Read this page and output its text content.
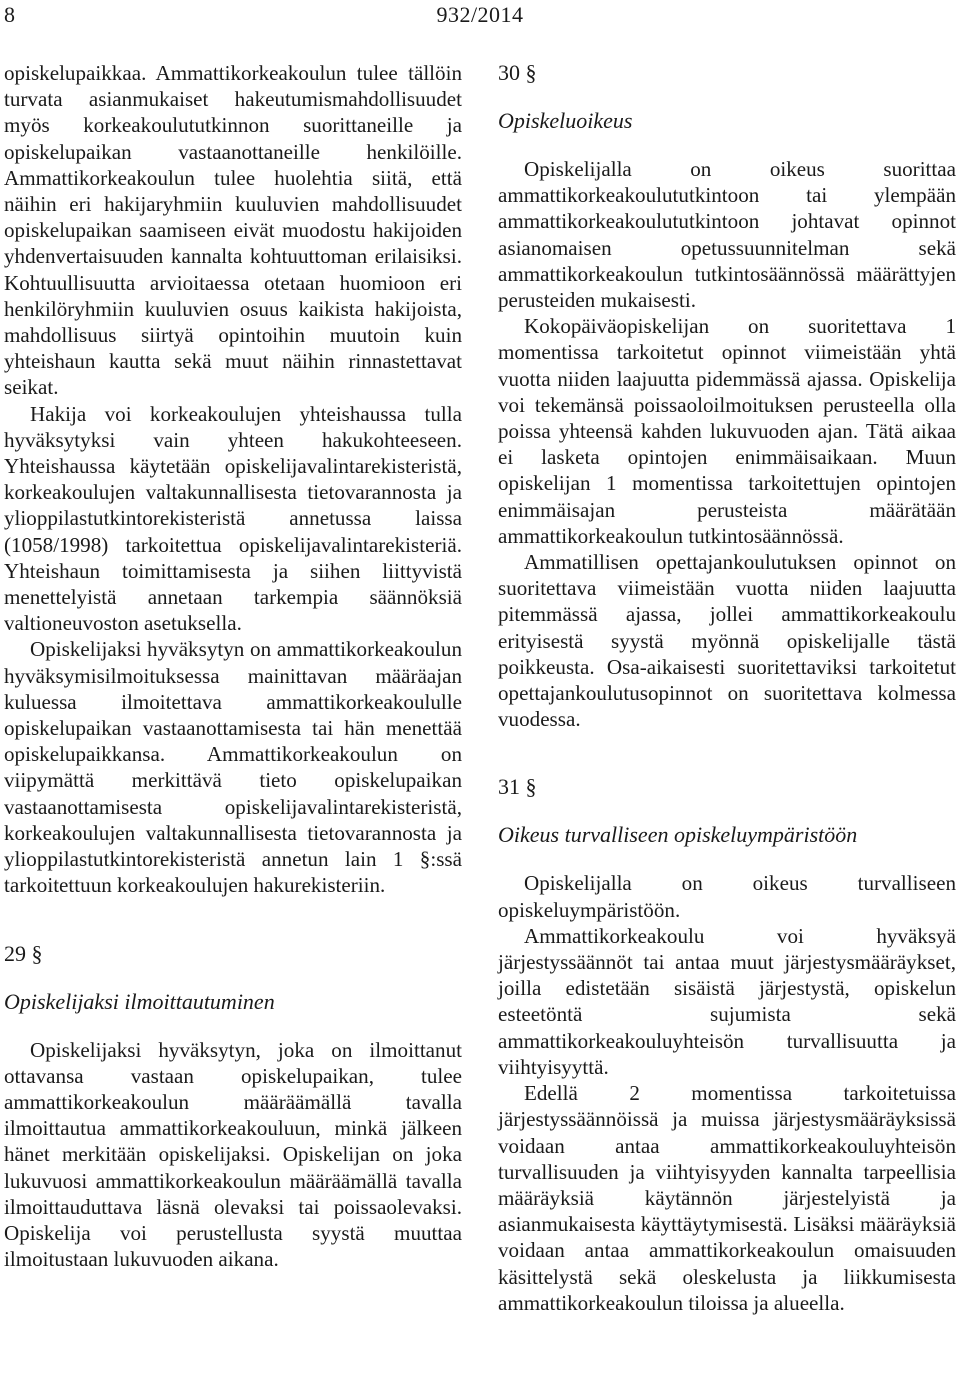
8	932/2014

opiskelupaikkaa. Ammattikorkeakoulun tulee tällöin turvata asianmukaiset hakeutumismahdollisuudet myös korkeakoulututkinnon suorittaneille ja opiskelupaikan vastaanottaneille henkilöille. Ammattikorkeakoulun tulee huolehtia siitä, että näihin eri hakijaryhmiin kuuluvien mahdollisuudet opiskelupaikan saamiseen eivät muodostu hakijoiden yhdenvertaisuuden kannalta kohtuuttoman erilaisiksi. Kohtuullisuutta arvioitaessa otetaan huomioon eri henkilöryhmiin kuuluvien osuus kaikista hakijoista, mahdollisuus siirtyä opintoihin muutoin kuin yhteishaun kautta sekä muut näihin rinnastettavat seikat.

Hakija voi korkeakoulujen yhteishaussa tulla hyväksytyksi vain yhteen hakukohteeseen. Yhteishaussa käytetään opiskelijavalintarekisteristä, korkeakoulujen valtakunnallisesta tietovarannosta ja ylioppilastutkintorekisteristä annetussa laissa (1058/1998) tarkoitettua opiskelijavalintarekisteriä. Yhteishaun toimittamisesta ja siihen liittyvistä menettelyistä annetaan tarkempia säännöksiä valtioneuvoston asetuksella.

Opiskelijaksi hyväksytyn on ammattikorkeakoulun hyväksymisilmoituksessa mainittavan määräajan kuluessa ilmoitettava ammattikorkeakoululle opiskelupaikan vastaanottamisesta tai hän menettää opiskelupaikkansa. Ammattikorkeakoulun on viipymättä merkittävä tieto opiskelupaikan vastaanottamisesta opiskelijavalintarekisteristä, korkeakoulujen valtakunnallisesta tietovarannosta ja ylioppilastutkintorekisteristä annetun lain 1 §:ssä tarkoitettuun korkeakoulujen hakurekisteriin.

29 §

Opiskelijaksi ilmoittautuminen

Opiskelijaksi hyväksytyn, joka on ilmoittanut ottavansa vastaan opiskelupaikan, tulee ammattikorkeakoulun määräämällä tavalla ilmoittautua ammattikorkeakouluun, minkä jälkeen hänet merkitään opiskelijaksi. Opiskelijan on joka lukuvuosi ammattikorkeakoulun määräämällä tavalla ilmoittauduttava läsnä olevaksi tai poissaolevaksi. Opiskelija voi perustellusta syystä muuttaa ilmoitustaan lukuvuoden aikana.

30 §

Opiskeluoikeus

Opiskelijalla on oikeus suorittaa ammattikorkeakoulututkintoon tai ylempään ammattikorkeakoulututkintoon johtavat opinnot asianomaisen opetussuunnitelman sekä ammattikorkeakoulun tutkintosäännössä määrättyjen perusteiden mukaisesti.

Kokopäiväopiskelijan on suoritettava 1 momentissa tarkoitetut opinnot viimeistään yhtä vuotta niiden laajuutta pidemmässä ajassa. Opiskelija voi tekemänsä poissaoloilmoituksen perusteella olla poissa yhteensä kahden lukuvuoden ajan. Tätä aikaa ei lasketa opintojen enimmäisaikaan. Muun opiskelijan 1 momentissa tarkoitettujen opintojen enimmäisajan perusteista määrätään ammattikorkeakoulun tutkintosäännössä.

Ammatillisen opettajankoulutuksen opinnot on suoritettava viimeistään vuotta niiden laajuutta pitemmässä ajassa, jollei ammattikorkeakoulu erityisestä syystä myönnä opiskelijalle tästä poikkeusta. Osa-aikaisesti suoritettaviksi tarkoitetut opettajankoulutusopinnot on suoritettava kolmessa vuodessa.

31 §

Oikeus turvalliseen opiskeluympäristöön

Opiskelijalla on oikeus turvalliseen opiskeluympäristöön.

Ammattikorkeakoulu voi hyväksyä järjestyssäännöt tai antaa muut järjestysmääräykset, joilla edistetään sisäistä järjestystä, opiskelun esteetöntä sujumista sekä ammattikorkeakouluyhteisön turvallisuutta ja viihtyisyyttä.

Edellä 2 momentissa tarkoitetuissa järjestyssäännöissä ja muissa järjestysmääräyksissä voidaan antaa ammattikorkeakouluyhteisön turvallisuuden ja viihtyisyyden kannalta tarpeellisia määräyksiä käytännön järjestelyistä ja asianmukaisesta käyttäytymisestä. Lisäksi määräyksiä voidaan antaa ammattikorkeakoulun omaisuuden käsittelystä sekä oleskelusta ja liikkumisesta ammattikorkeakoulun tiloissa ja alueella.
